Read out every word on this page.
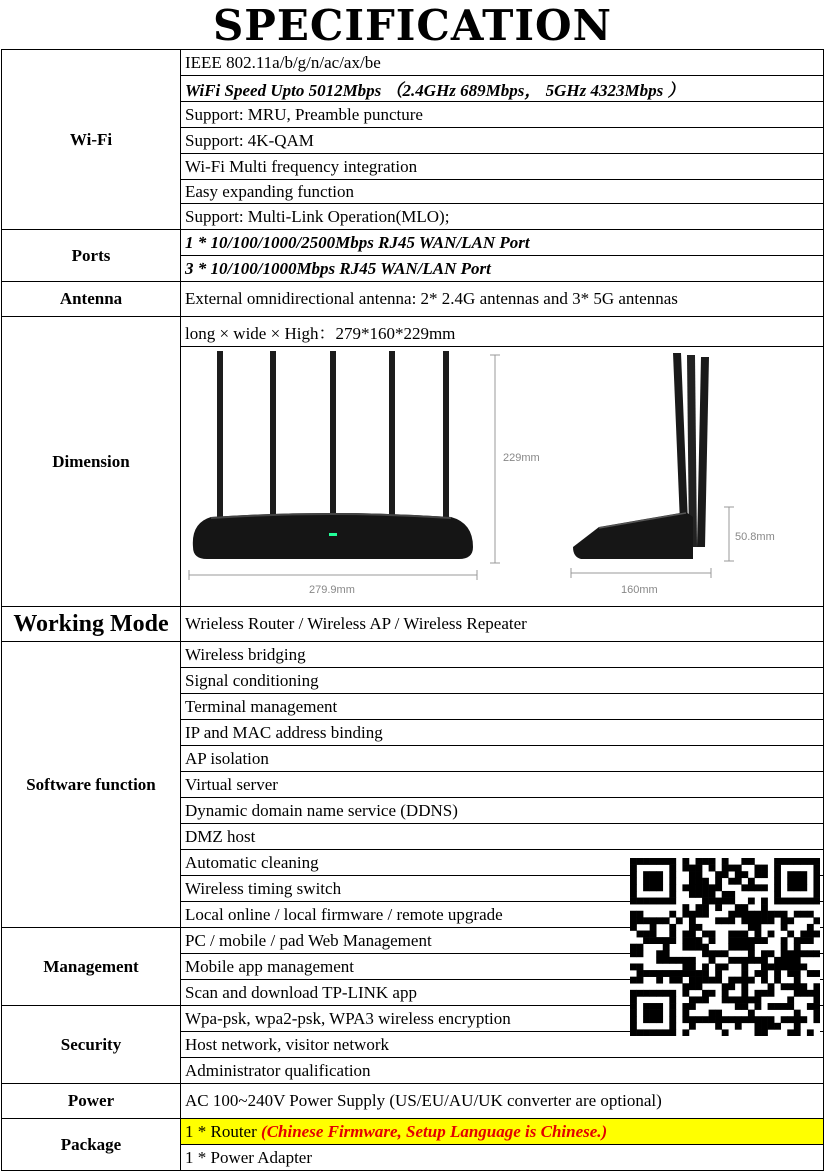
SPECIFICATION
Wi-Fi	IEEE 802.11a/b/g/n/ac/ax/be
	WiFi Speed Upto 5012Mbps （2.4GHz 689Mbps， 5GHz 4323Mbps ）
	Support: MRU, Preamble puncture
	Support: 4K-QAM
	Wi-Fi Multi frequency integration
	Easy expanding function
	Support: Multi-Link Operation(MLO);
Ports	1 * 10/100/1000/2500Mbps RJ45 WAN/LAN Port
	3 * 10/100/1000Mbps RJ45 WAN/LAN Port
Antenna	External omnidirectional antenna: 2* 2.4G antennas and 3* 5G antennas
Dimension	long × wide × High：279*160*229mm

229mm
279.9mm
50.8mm
160mm

Working Mode	Wrieless Router / Wireless AP / Wireless Repeater
Software function	Wireless bridging
	Signal conditioning
	Terminal management
	IP and MAC address binding
	AP isolation
	Virtual server
	Dynamic domain name service (DDNS)
	DMZ host
	Automatic cleaning
	Wireless timing switch
	Local online / local firmware / remote upgrade
Management	PC / mobile / pad Web Management
	Mobile app management
	Scan and download TP-LINK app
Security	Wpa-psk, wpa2-psk, WPA3 wireless encryption
	Host network, visitor network
	Administrator qualification
Power	AC 100~240V Power Supply (US/EU/AU/UK converter are optional)
Package	1 * Router (Chinese Firmware, Setup Language is Chinese.)
	1 * Power Adapter
